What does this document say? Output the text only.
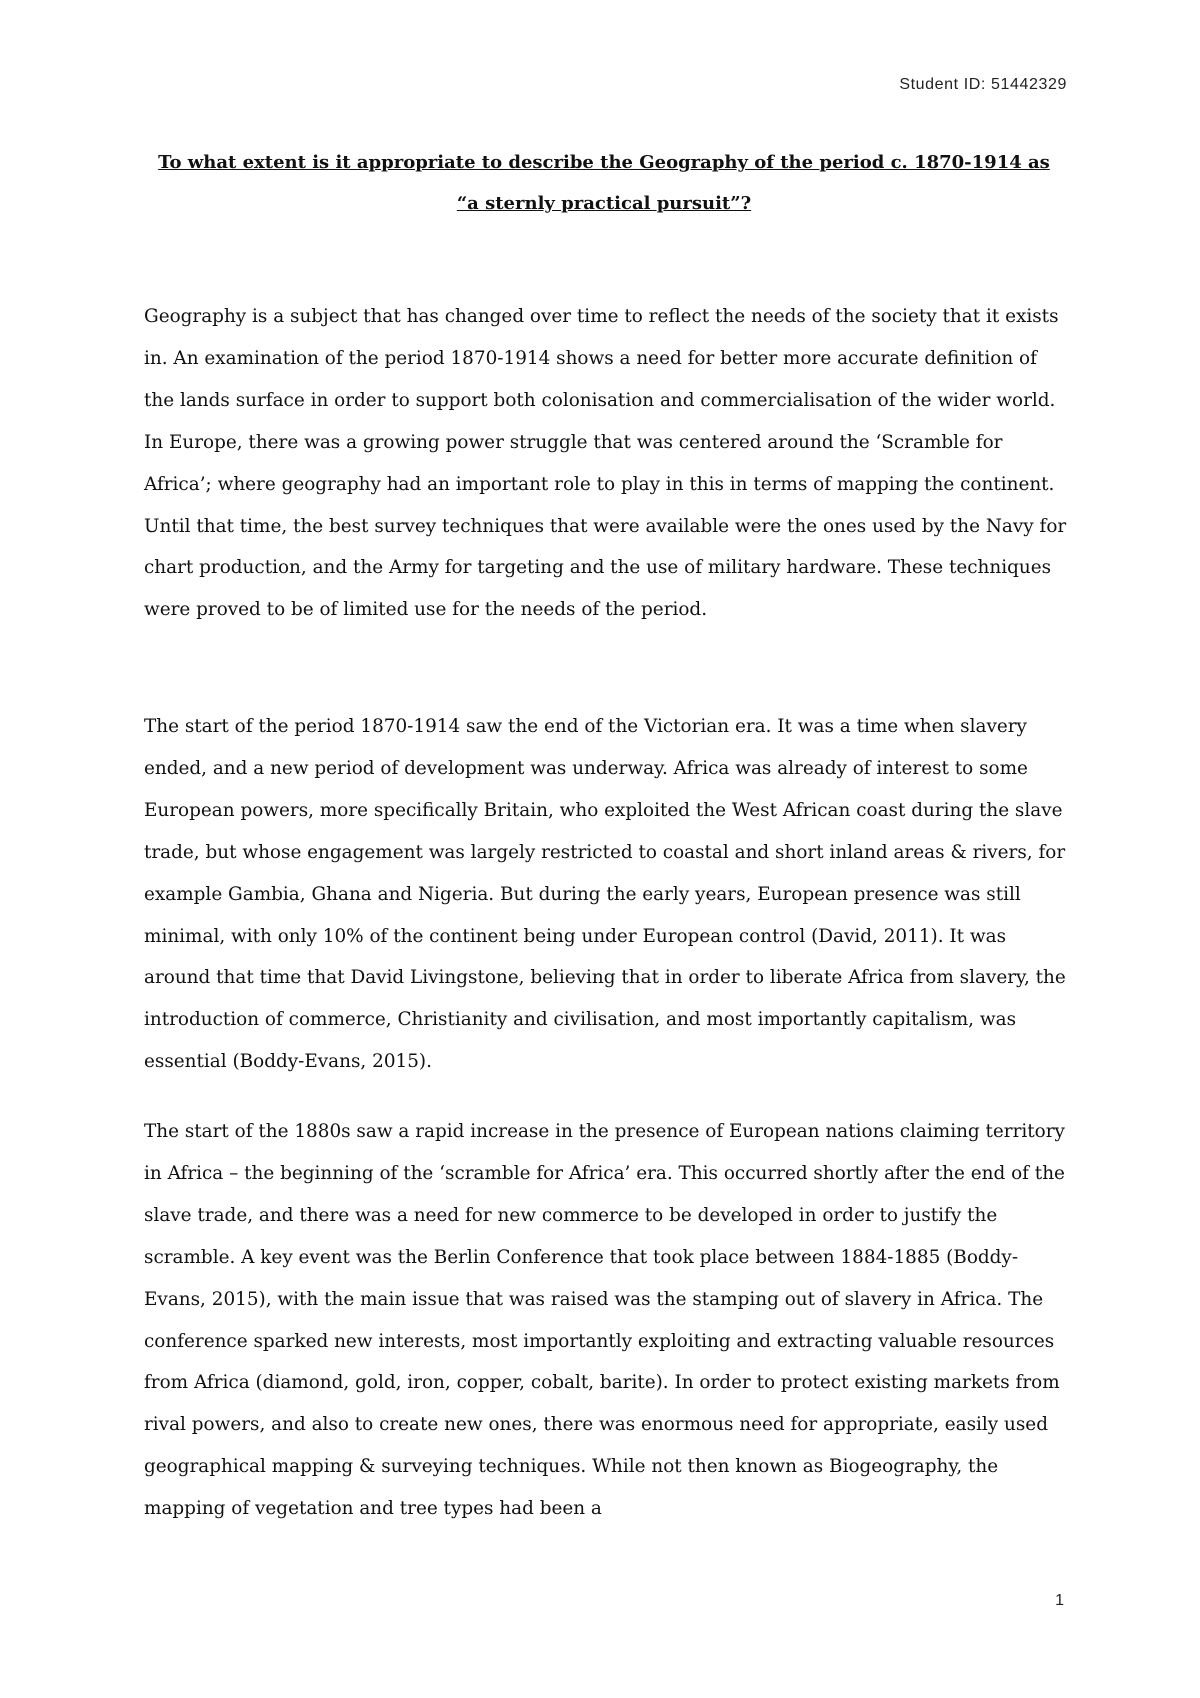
Student ID: 51442329
To what extent is it appropriate to describe the Geography of the period c. 1870-1914 as
“a sternly practical pursuit”?

Geography is a subject that has changed over time to reflect the needs of the society that it exists in. An examination of the period 1870-1914 shows a need for better more accurate definition of the lands surface in order to support both colonisation and commercialisation of the wider world. In Europe, there was a growing power struggle that was centered around the ‘Scramble for Africa’; where geography had an important role to play in this in terms of mapping the continent. Until that time, the best survey techniques that were available were the ones used by the Navy for chart production, and the Army for targeting and the use of military hardware. These techniques were proved to be of limited use for the needs of the period.

The start of the period 1870-1914 saw the end of the Victorian era. It was a time when slavery ended, and a new period of development was underway. Africa was already of interest to some European powers, more specifically Britain, who exploited the West African coast during the slave trade, but whose engagement was largely restricted to coastal and short inland areas & rivers, for example Gambia, Ghana and Nigeria. But during the early years, European presence was still minimal, with only 10% of the continent being under European control (David, 2011). It was around that time that David Livingstone, believing that in order to liberate Africa from slavery, the introduction of commerce, Christianity and civilisation, and most importantly capitalism, was essential (Boddy-Evans, 2015).

The start of the 1880s saw a rapid increase in the presence of European nations claiming territory in Africa – the beginning of the ‘scramble for Africa’ era. This occurred shortly after the end of the slave trade, and there was a need for new commerce to be developed in order to justify the scramble. A key event was the Berlin Conference that took place between 1884-1885 (Boddy-Evans, 2015), with the main issue that was raised was the stamping out of slavery in Africa. The conference sparked new interests, most importantly exploiting and extracting valuable resources from Africa (diamond, gold, iron, copper, cobalt, barite). In order to protect existing markets from rival powers, and also to create new ones, there was enormous need for appropriate, easily used geographical mapping & surveying techniques. While not then known as Biogeography, the mapping of vegetation and tree types had been a

1
